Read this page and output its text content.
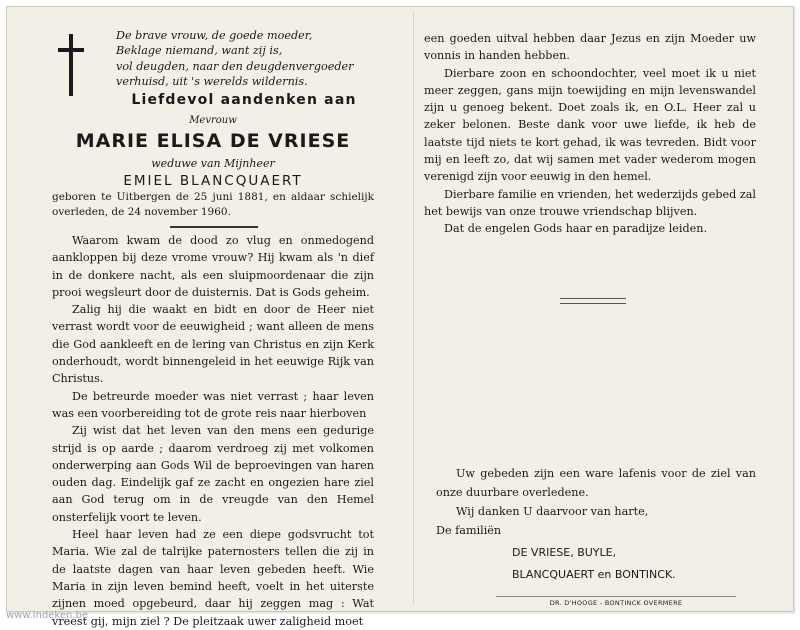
De brave vrouw, de goede moeder,
Beklage niemand, want zij is,
vol deugden, naar den deugdenvergoeder
verhuisd, uit 's werelds wildernis.
Liefdevol aandenken aan
Mevrouw
MARIE ELISA DE VRIESE
weduwe van Mijnheer
EMIEL BLANCQUAERT
geboren te Uitbergen de 25 juni 1881, en aldaar schielijk overleden, de 24 november 1960.

Waarom kwam de dood zo vlug en onmedogend aankloppen bij deze vrome vrouw? Hij kwam als 'n dief in de donkere nacht, als een sluipmoordenaar die zijn prooi wegsleurt door de duisternis. Dat is Gods geheim.

Zalig hij die waakt en bidt en door de Heer niet verrast wordt voor de eeuwigheid ; want alleen de mens die God aankleeft en de lering van Christus en zijn Kerk onderhoudt, wordt binnengeleid in het eeuwige Rijk van Christus.

De betreurde moeder was niet verrast ; haar leven was een voorbereiding tot de grote reis naar hierboven

Zij wist dat het leven van den mens een gedurige strijd is op aarde ; daarom verdroeg zij met volkomen onderwerping aan Gods Wil de beproevingen van haren ouden dag. Eindelijk gaf ze zacht en ongezien hare ziel aan God terug om in de vreugde van den Hemel onsterfelijk voort te leven.

Heel haar leven had ze een diepe godsvrucht tot Maria. Wie zal de talrijke paternosters tellen die zij in de laatste dagen van haar leven gebeden heeft. Wie Maria in zijn leven bemind heeft, voelt in het uiterste zijnen moed opgebeurd, daar hij zeggen mag : Wat vreest gij, mijn ziel ? De pleitzaak uwer zaligheid moet

een goeden uitval hebben daar Jezus en zijn Moeder uw vonnis in handen hebben.

Dierbare zoon en schoondochter, veel moet ik u niet meer zeggen, gans mijn toewijding en mijn levenswandel zijn u genoeg bekent. Doet zoals ik, en O.L. Heer zal u zeker belonen. Beste dank voor uwe liefde, ik heb de laatste tijd niets te kort gehad, ik was tevreden. Bidt voor mij en leeft zo, dat wij samen met vader wederom mogen verenigd zijn voor eeuwig in den hemel.

Dierbare familie en vrienden, het wederzijds gebed zal het bewijs van onze trouwe vriendschap blijven.

Dat de engelen Gods haar en paradijze leiden.

Uw gebeden zijn een ware lafenis voor de ziel van onze duurbare overledene.

Wij danken U daarvoor van harte,

De familiën

DE VRIESE, BUYLE,
BLANCQUAERT en BONTINCK.
DR. D'HOOGE - BONTINCK OVERMERE
www.indeken.be
